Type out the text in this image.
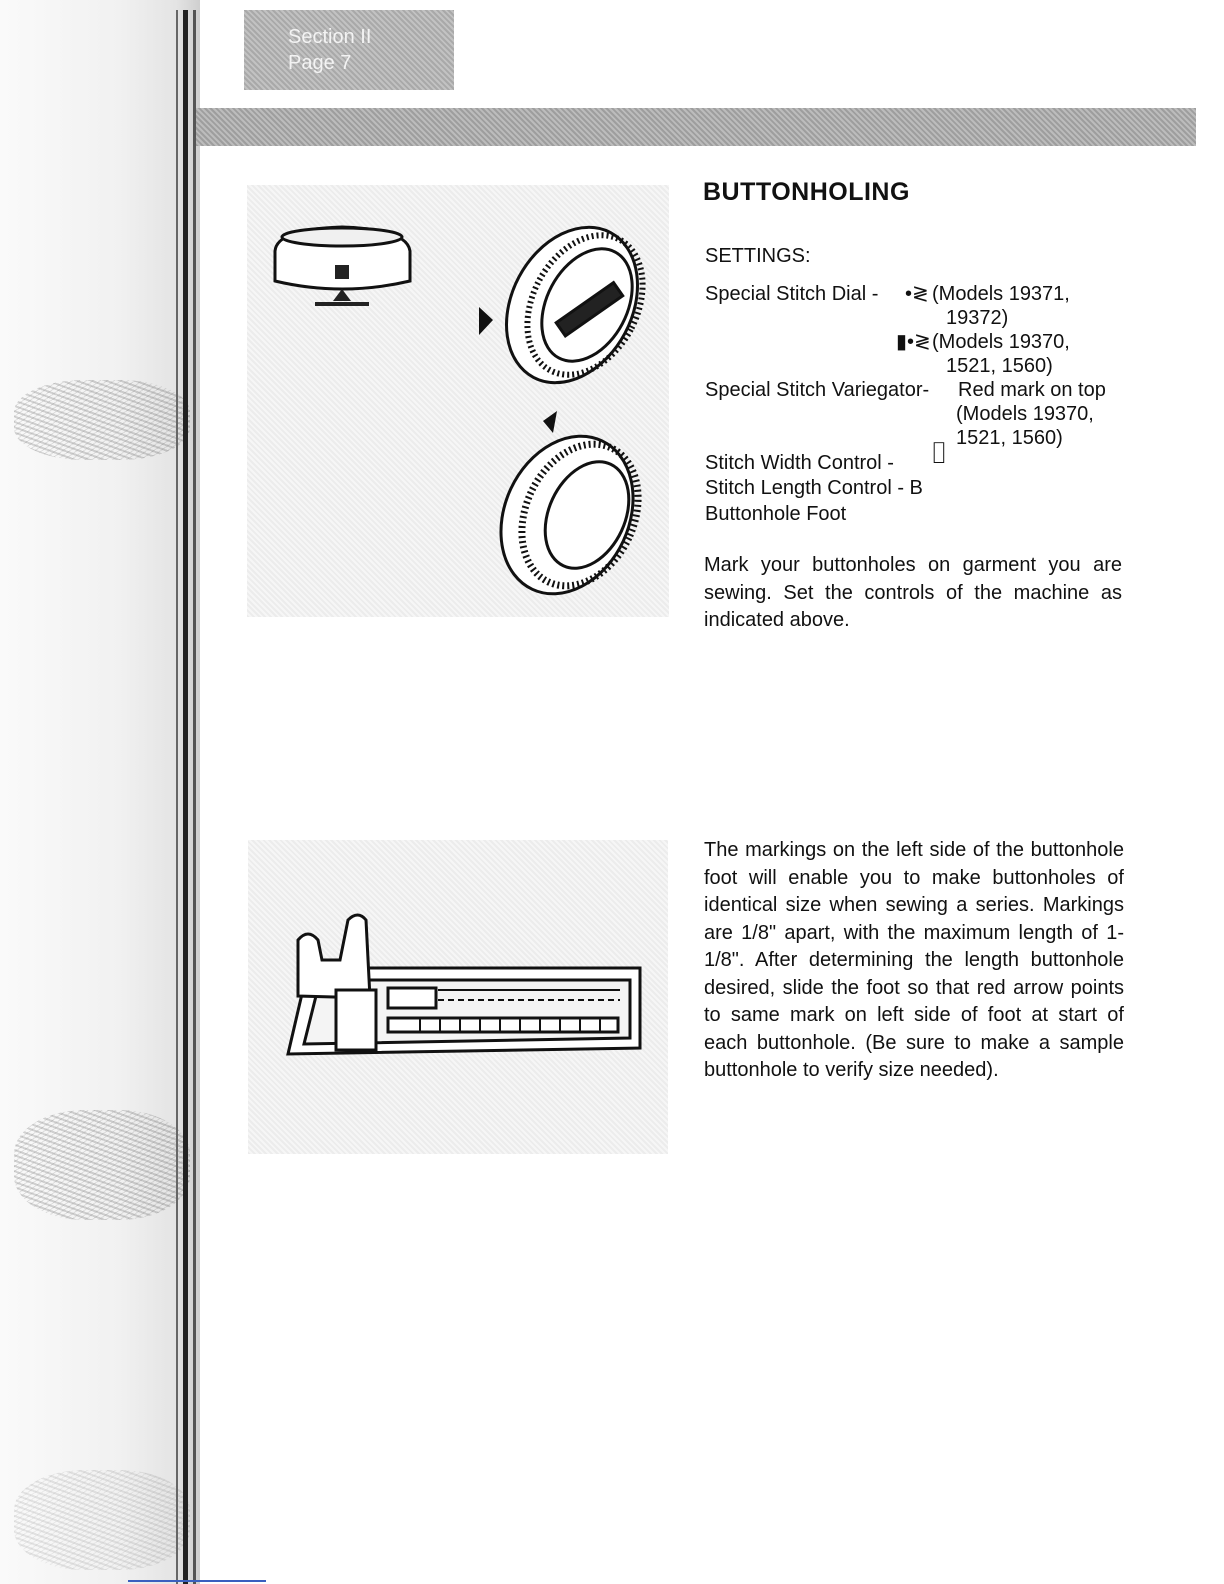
Section II
Page 7
BUTTONHOLING
SETTINGS:
Special Stitch Dial - •≷ (Models 19371,
19372)
▮•≷ (Models 19370,
1521, 1560)
Special Stitch Variegator- Red mark on top
(Models 19370,
1521, 1560)
Stitch Width Control - ⌷
Stitch Length Control - B
Buttonhole Foot
Mark your buttonholes on garment you are sewing. Set the controls of the machine as indicated above.
The markings on the left side of the buttonhole foot will enable you to make buttonholes of identical size when sewing a series. Markings are 1/8" apart, with the maximum length of 1-1/8". After determining the length buttonhole desired, slide the foot so that red arrow points to same mark on left side of foot at start of each buttonhole. (Be sure to make a sample buttonhole to verify size needed).
